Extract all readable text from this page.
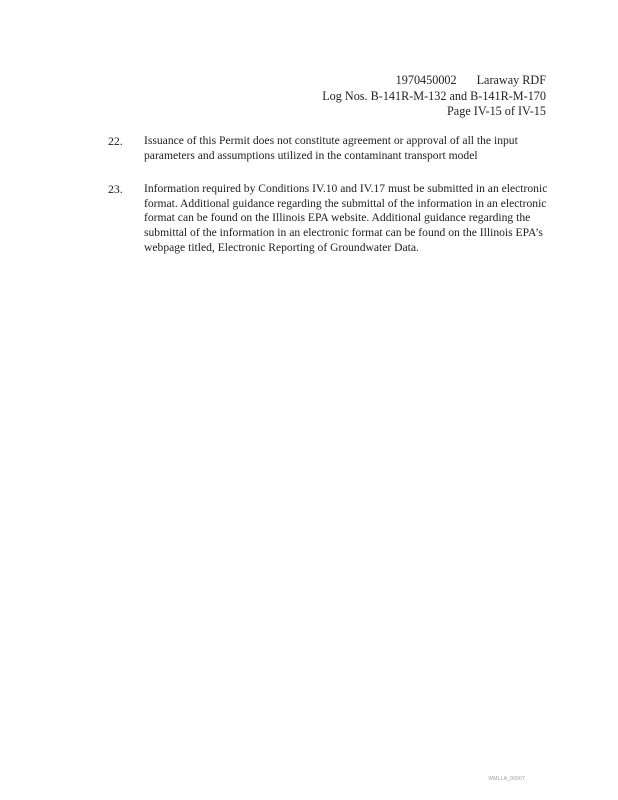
1970450002 Laraway RDF
Log Nos. B-141R-M-132 and B-141R-M-170
Page IV-15 of IV-15
22.	Issuance of this Permit does not constitute agreement or approval of all the input parameters and assumptions utilized in the contaminant transport model
23.	Information required by Conditions IV.10 and IV.17 must be submitted in an electronic format. Additional guidance regarding the submittal of the information in an electronic format can be found on the Illinois EPA website. Additional guidance regarding the submittal of the information in an electronic format can be found on the Illinois EPA’s webpage titled, Electronic Reporting of Groundwater Data.
WMLLA_00907
